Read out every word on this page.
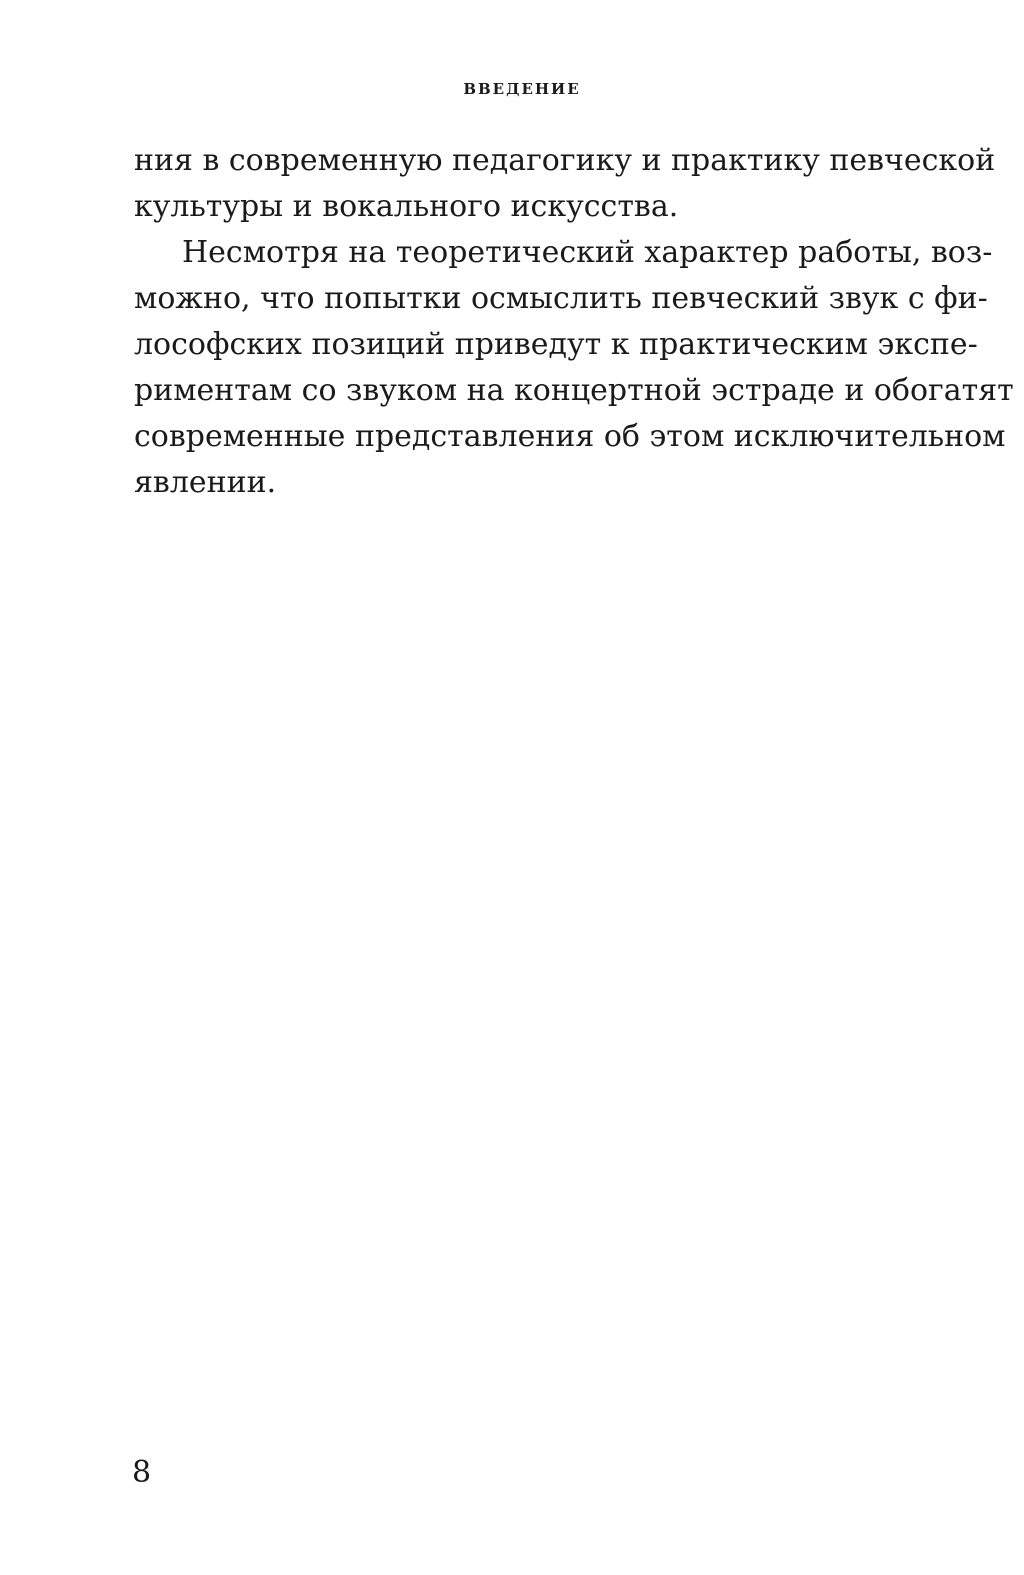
ВВЕДЕНИЕ
ния в современную педагогику и практику певческой
культуры и вокального искусства.
Несмотря на теоретический характер работы, воз-
можно, что попытки осмыслить певческий звук с фи-
лософских позиций приведут к практическим экспе-
риментам со звуком на концертной эстраде и обогатят
современные представления об этом исключительном
явлении.
8
